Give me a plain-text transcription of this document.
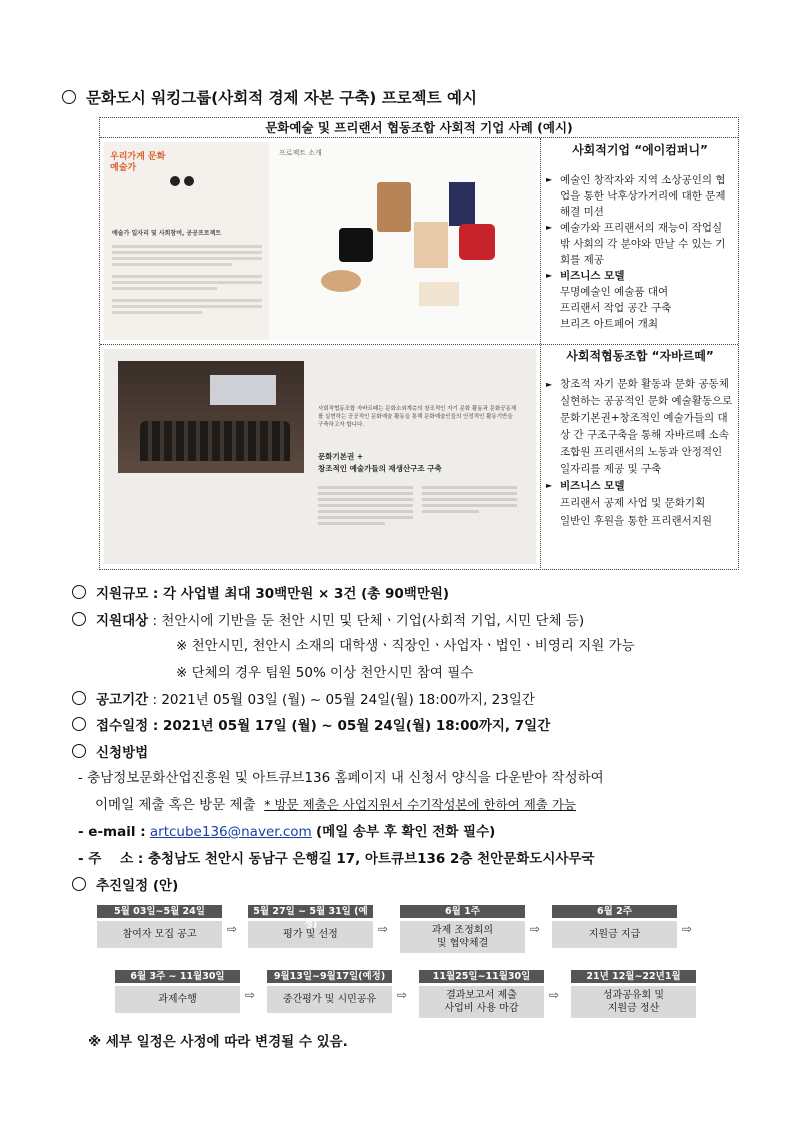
문화도시 워킹그룹(사회적 경제 자본 구축) 프로젝트 예시
문화예술 및 프리랜서 협동조합 사회적 기업 사례 (예시)
우리가게 문화예술가
예술가 일자리 및 사회참여, 공공프로젝트
프로젝트 소개
사회적협동조합 자바르떼는 문화소외계층의 창조적인 자기 문화 활동과 문화공동체를 실현하는 공공적인 문화예술 활동을 통해 문화예술인들의 안정적인 활동기반을 구축하고자 합니다.
문화기본권 +
창조적인 예술가들의 재생산구조 구축
사회적기업 “에이컴퍼니”
► 예술인 창작자와 지역 소상공인의 협업을 통한 낙후상가거리에 대한 문제해결 미션
► 예술가와 프리랜서의 재능이 작업실 밖 사회의 각 분야와 만날 수 있는 기회를 제공
► 비즈니스 모델
무명예술인 예술품 대여
프리랜서 작업 공간 구축
브리즈 아트페어 개최
사회적협동조합 “자바르떼”
► 창조적 자기 문화 활동과 문화 공동체 실현하는 공공적인 문화 예술활동으로 문화기본권+창조적인 예술가들의 대상 간 구조구축을 통해 자바르떼 소속 조합원 프리랜서의 노동과 안정적인 일자리를 제공 및 구축
► 비즈니스 모델
프리랜서 공제 사업 및 문화기획
일반인 후원을 통한 프리랜서지원
지원규모 : 각 사업별 최대 30백만원 × 3건 (총 90백만원)
지원대상 : 천안시에 기반을 둔 천안 시민 및 단체ㆍ기업(사회적 기업, 시민 단체 등)
※ 천안시민, 천안시 소재의 대학생ㆍ직장인ㆍ사업자ㆍ법인ㆍ비영리 지원 가능
※ 단체의 경우 팀원 50% 이상 천안시민 참여 필수
공고기간 : 2021년 05월 03일 (월) ~ 05월 24일(월) 18:00까지, 23일간
접수일정 : 2021년 05월 17일 (월) ~ 05월 24일(월) 18:00까지, 7일간
신청방법
- 충남정보문화산업진흥원 및 아트큐브136 홈페이지 내 신청서 양식을 다운받아 작성하여
이메일 제출 혹은 방문 제출 * 방문 제출은 사업지원서 수기작성본에 한하여 제출 가능
- e-mail : artcube136@naver.com (메일 송부 후 확인 전화 필수)
- 주    소 : 충청남도 천안시 동남구 은행길 17, 아트큐브136 2층 천안문화도시사무국
추진일정 (안)
5월 03일~5월 24일
참여자 모집 공고	⇨
5월 27일 ~ 5월 31일 (예정)
평가 및 선정	⇨
6월 1주
과제 조정회의
및 협약체결
⇨
6월 2주
지원금 지급	⇨
6월 3주 ~ 11월30일
과제수행	⇨
9월13일~9월17일(예정)
중간평가 및 시민공유	⇨
11월25일~11월30일
결과보고서 제출
사업비 사용 마감
⇨
21년 12월~22년1월
성과공유회 및
지원금 정산
※ 세부 일정은 사정에 따라 변경될 수 있음.
